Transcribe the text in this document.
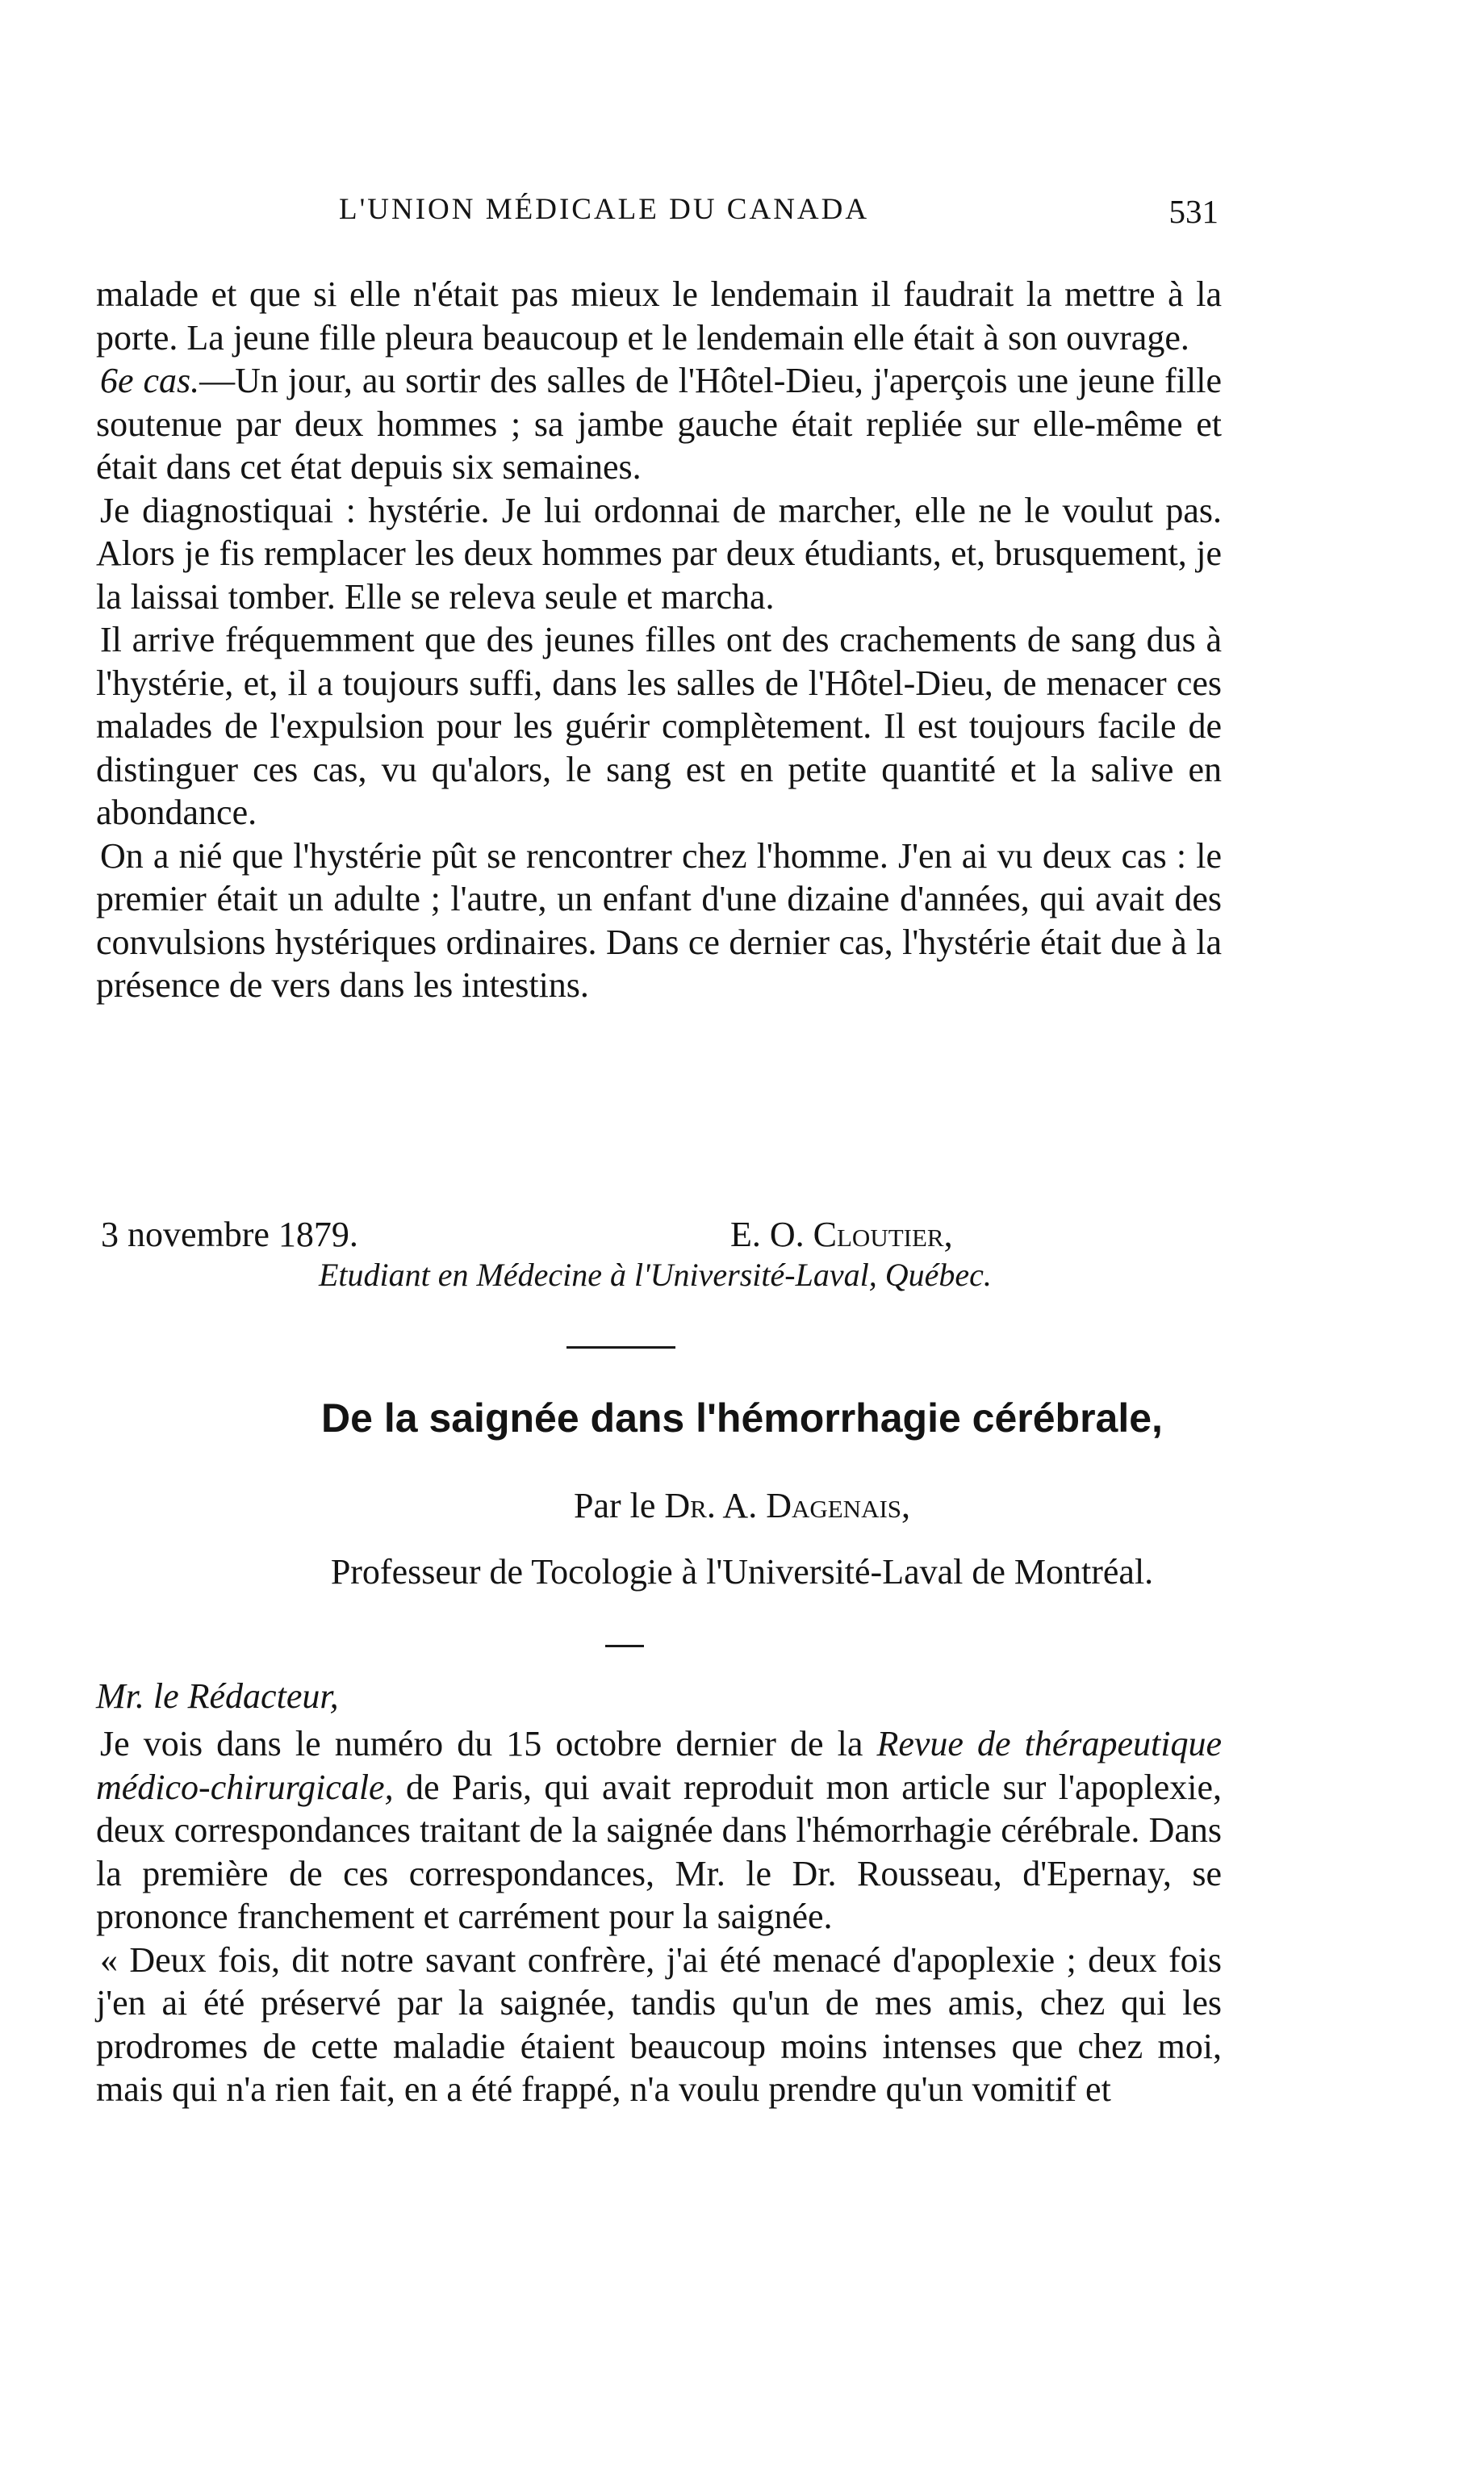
L'UNION MÉDICALE DU CANADA	531

malade et que si elle n'était pas mieux le lendemain il faudrait la mettre à la porte. La jeune fille pleura beaucoup et le lendemain elle était à son ouvrage.

6e cas.—Un jour, au sortir des salles de l'Hôtel-Dieu, j'aperçois une jeune fille soutenue par deux hommes ; sa jambe gauche était repliée sur elle-même et était dans cet état depuis six semaines.

Je diagnostiquai : hystérie. Je lui ordonnai de marcher, elle ne le voulut pas. Alors je fis remplacer les deux hommes par deux étudiants, et, brusquement, je la laissai tomber. Elle se releva seule et marcha.

Il arrive fréquemment que des jeunes filles ont des crachements de sang dus à l'hystérie, et, il a toujours suffi, dans les salles de l'Hôtel-Dieu, de menacer ces malades de l'expulsion pour les guérir complètement. Il est toujours facile de distinguer ces cas, vu qu'alors, le sang est en petite quantité et la salive en abondance.

On a nié que l'hystérie pût se rencontrer chez l'homme. J'en ai vu deux cas : le premier était un adulte ; l'autre, un enfant d'une dizaine d'années, qui avait des convulsions hystériques ordinaires. Dans ce dernier cas, l'hystérie était due à la présence de vers dans les intestins.

3 novembre 1879.	E. O. Cloutier,
Etudiant en Médecine à l'Université-Laval, Québec.
De la saignée dans l'hémorrhagie cérébrale,
Par le Dr. A. Dagenais,
Professeur de Tocologie à l'Université-Laval de Montréal.
Mr. le Rédacteur,

Je vois dans le numéro du 15 octobre dernier de la Revue de thérapeutique médico-chirurgicale, de Paris, qui avait reproduit mon article sur l'apoplexie, deux correspondances traitant de la saignée dans l'hémorrhagie cérébrale. Dans la première de ces correspondances, Mr. le Dr. Rousseau, d'Epernay, se prononce franchement et carrément pour la saignée.

« Deux fois, dit notre savant confrère, j'ai été menacé d'apoplexie ; deux fois j'en ai été préservé par la saignée, tandis qu'un de mes amis, chez qui les prodromes de cette maladie étaient beaucoup moins intenses que chez moi, mais qui n'a rien fait, en a été frappé, n'a voulu prendre qu'un vomitif et
